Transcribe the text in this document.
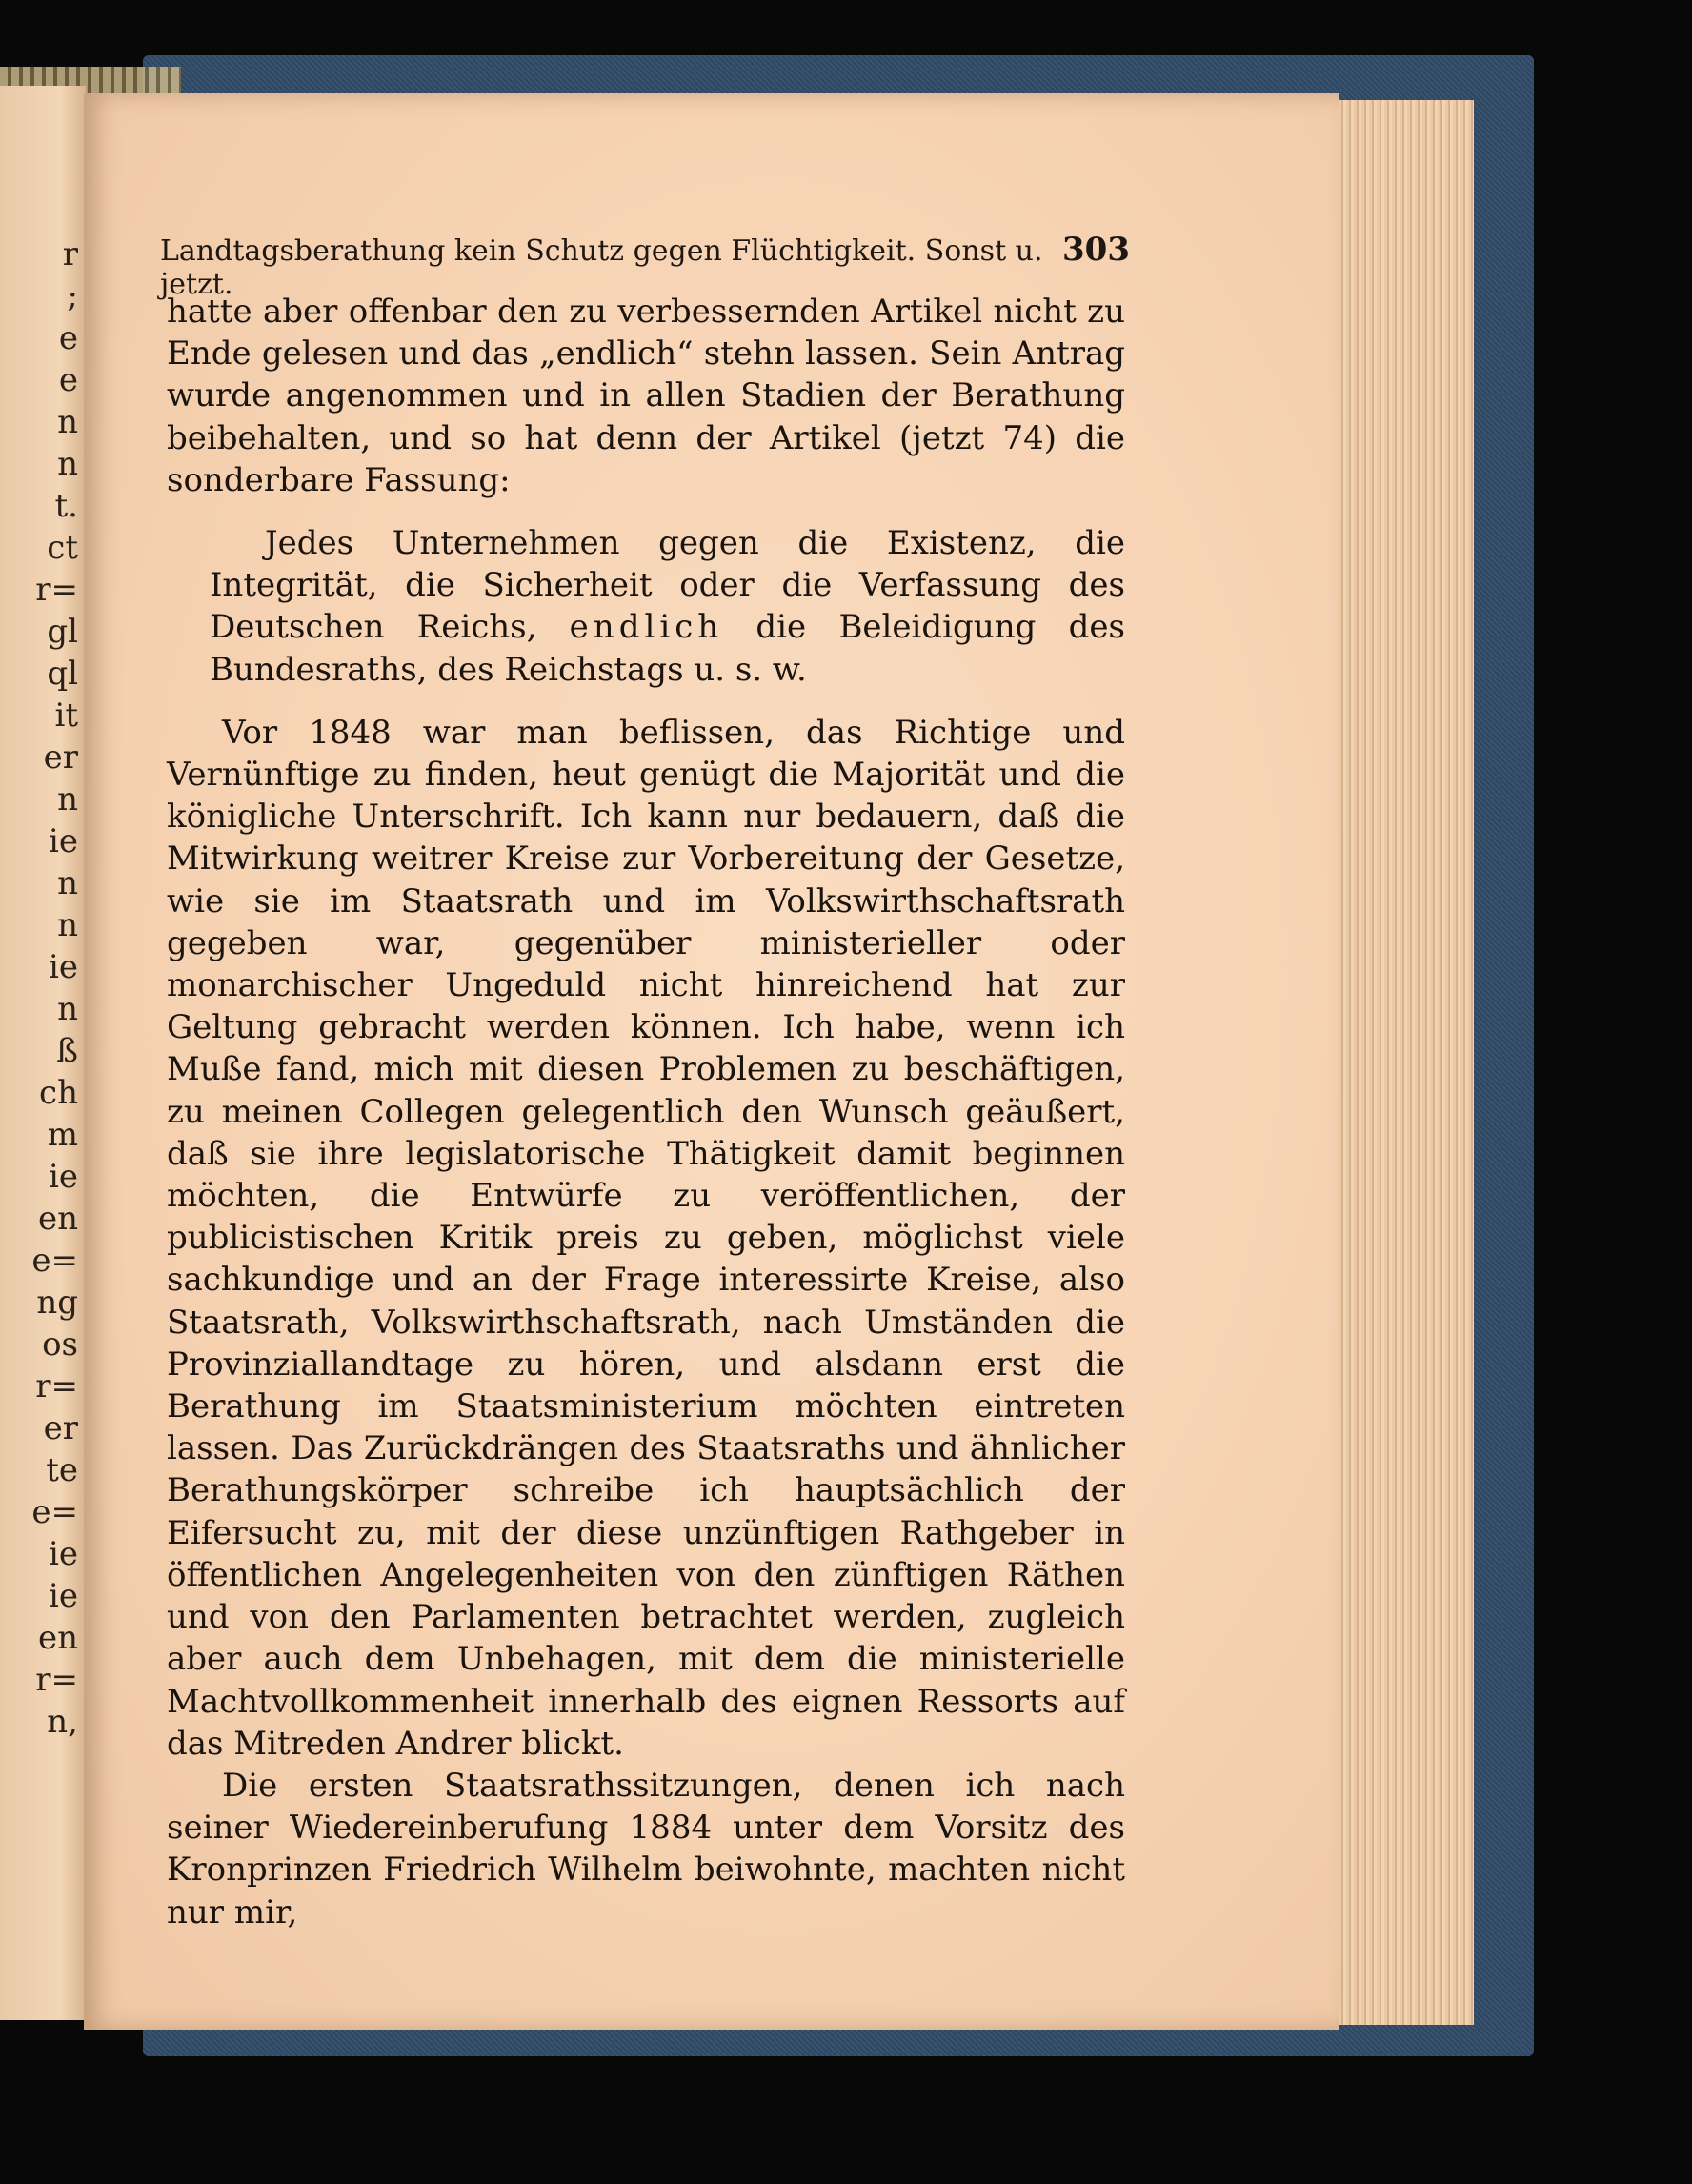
r
;
e
e
n
n
t.
ct
r=
gl
ql
it
er
n
ie
n
n
ie
n
ß
ch
m
ie
en
e=
ng
os
r=
er
te
e=
ie
ie
en
r=
n,
Landtagsberathung kein Schutz gegen Flüchtigkeit. Sonst u. jetzt.
303

hatte aber offenbar den zu verbessernden Artikel nicht zu Ende gelesen und das „endlich“ stehn lassen. Sein Antrag wurde angenommen und in allen Stadien der Berathung beibehalten, und so hat denn der Artikel (jetzt 74) die sonderbare Fassung:

Jedes Unternehmen gegen die Existenz, die Integrität, die Sicherheit oder die Verfassung des Deutschen Reichs, endlich die Beleidigung des Bundesraths, des Reichstags u. s. w.

Vor 1848 war man beflissen, das Richtige und Vernünftige zu finden, heut genügt die Majorität und die königliche Unterschrift. Ich kann nur bedauern, daß die Mitwirkung weitrer Kreise zur Vorbereitung der Gesetze, wie sie im Staatsrath und im Volkswirthschaftsrath gegeben war, gegenüber ministerieller oder monarchischer Ungeduld nicht hinreichend hat zur Geltung gebracht werden können. Ich habe, wenn ich Muße fand, mich mit diesen Problemen zu beschäftigen, zu meinen Collegen gelegentlich den Wunsch geäußert, daß sie ihre legislatorische Thätigkeit damit beginnen möchten, die Entwürfe zu veröffentlichen, der publicistischen Kritik preis zu geben, möglichst viele sachkundige und an der Frage interessirte Kreise, also Staatsrath, Volkswirthschaftsrath, nach Umständen die Provinziallandtage zu hören, und alsdann erst die Berathung im Staatsministerium möchten eintreten lassen. Das Zurückdrängen des Staatsraths und ähnlicher Berathungskörper schreibe ich hauptsächlich der Eifersucht zu, mit der diese unzünftigen Rathgeber in öffentlichen Angelegenheiten von den zünftigen Räthen und von den Parlamenten betrachtet werden, zugleich aber auch dem Unbehagen, mit dem die ministerielle Machtvollkommenheit innerhalb des eignen Ressorts auf das Mitreden Andrer blickt.

Die ersten Staatsrathssitzungen, denen ich nach seiner Wiedereinberufung 1884 unter dem Vorsitz des Kronprinzen Friedrich Wilhelm beiwohnte, machten nicht nur mir,
